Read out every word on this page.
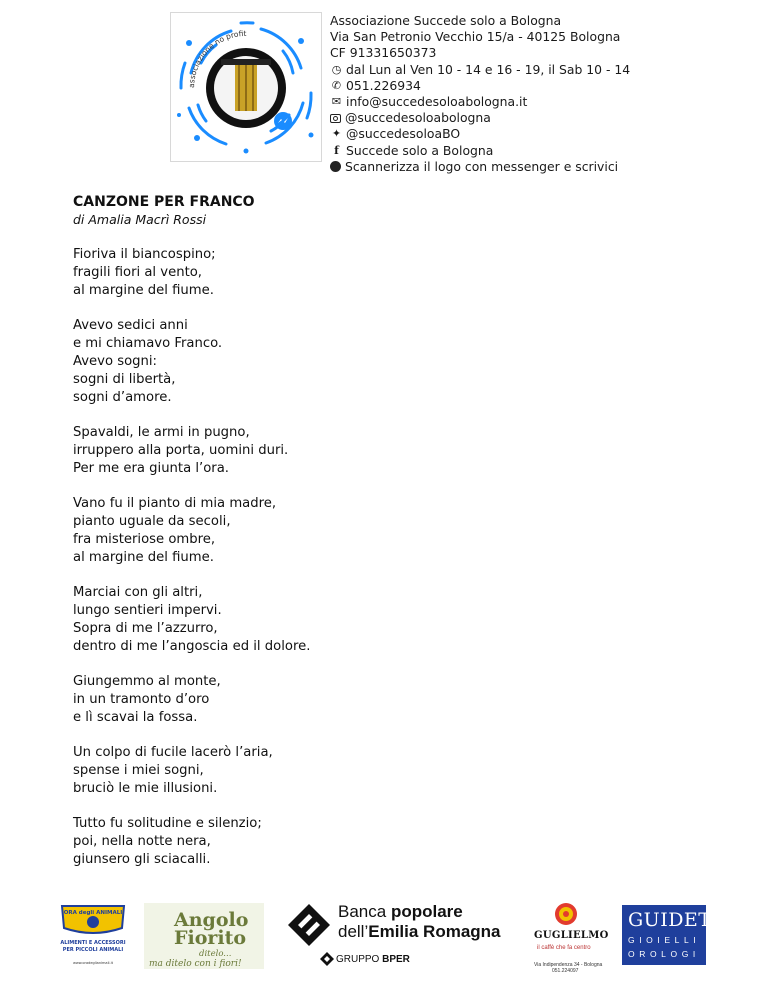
associazione no profit
Associazione Succede solo a Bologna
Via San Petronio Vecchio 15/a - 40125 Bologna
CF 91331650373
◷ dal Lun al Ven 10 - 14 e 16 - 19, il Sab 10 - 14
✆ 051.226934
✉ info@succedesoloabologna.it
@succedesoloabologna
✦ @succedesoloaBO
f Succede solo a Bologna
Scannerizza il logo con messenger e scrivici

CANZONE PER FRANCO

di Amalia Macrì Rossi

Fioriva il biancospino;
fragili fiori al vento,
al margine del fiume.
Avevo sedici anni
e mi chiamavo Franco.
Avevo sogni:
sogni di libertà,
sogni d’amore.
Spavaldi, le armi in pugno,
irruppero alla porta, uomini duri.
Per me era giunta l’ora.
Vano fu il pianto di mia madre,
pianto uguale da secoli,
fra misteriose ombre,
al margine del fiume.
Marciai con gli altri,
lungo sentieri impervi.
Sopra di me l’azzurro,
dentro di me l’angoscia ed il dolore.
Giungemmo al monte,
in un tramonto d’oro
e lì scavai la fossa.
Un colpo di fucile lacerò l’aria,
spense i miei sogni,
bruciò le mie illusioni.
Tutto fu solitudine e silenzio;
poi, nella notte nera,
giunsero gli sciacalli.
ORA degli ANIMALI
ALIMENTI E ACCESSORI
PER PICCOLI ANIMALI
www.oradeglianimali.it
Angolo
Fiorito
ditelo...
ma ditelo con i fiori!
Banca popolare
dell’Emilia Romagna
GRUPPO BPER
GUGLIELMO
il caffè che fa centro
Via Indipendenza 34 - Bologna
051.224097
GUIDETTI
GIOIELLI
OROLOGI
